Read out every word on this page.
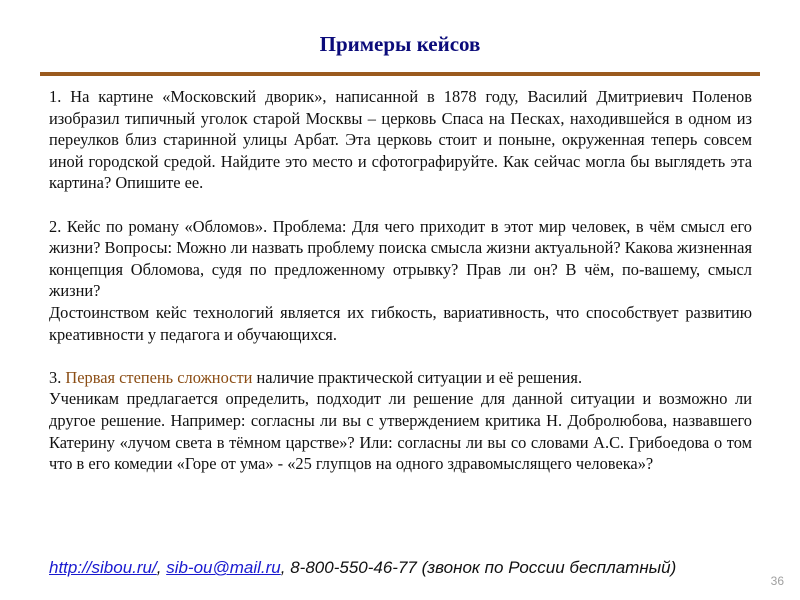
Примеры кейсов

1. На картине «Московский дворик», написанной в 1878 году, Василий Дмитриевич Поленов изобразил типичный уголок старой Москвы – церковь Спаса на Песках, находившейся в одном из переулков близ старинной улицы Арбат. Эта церковь стоит и поныне, окруженная теперь совсем иной городской средой. Найдите это место и сфотографируйте. Как сейчас могла бы выглядеть эта картина? Опишите ее.

2. Кейс по роману «Обломов». Проблема: Для чего приходит в этот мир человек, в чём смысл его жизни? Вопросы: Можно ли назвать проблему поиска смысла жизни актуальной? Какова жизненная концепция Обломова, судя по предложенному отрывку? Прав ли он? В чём, по-вашему, смысл жизни?

Достоинством кейс технологий является их гибкость, вариативность, что способствует развитию креативности у педагога и обучающихся.

3. Первая степень сложности наличие практической ситуации и её решения.

Ученикам предлагается определить, подходит ли решение для данной ситуации и возможно ли другое решение. Например: согласны ли вы с утверждением критика Н. Добролюбова, назвавшего Катерину «лучом света в тёмном царстве»? Или: согласны ли вы со словами А.С. Грибоедова о том что в его комедии «Горе от ума» - «25 глупцов на одного здравомыслящего человека»?

http://sibou.ru/, sib-ou@mail.ru, 8-800-550-46-77 (звонок по России бесплатный)
36
